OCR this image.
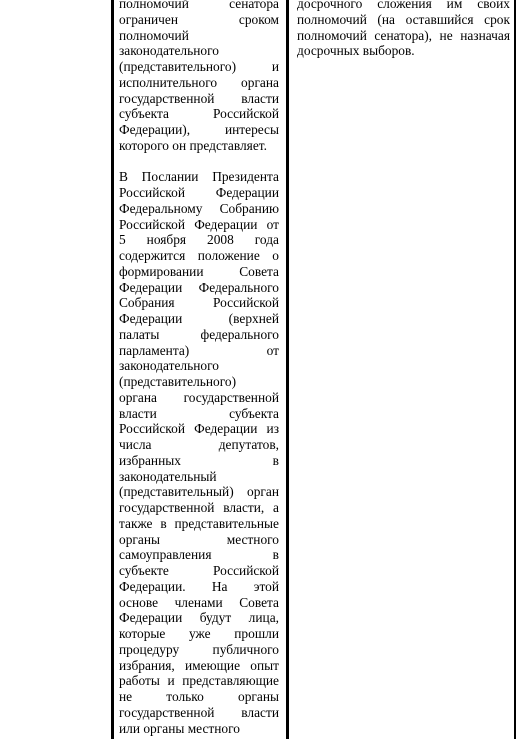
полномочий сенатора
ограничен сроком
полномочий
законодательного
(представительного) и
исполнительного органа
государственной власти
субъекта Российской
Федерации), интересы
которого он представляет.
В Послании Президента
Российской Федерации
Федеральному Собранию
Российской Федерации от
5 ноября 2008 года
содержится положение о
формировании Совета
Федерации Федерального
Собрания Российской
Федерации (верхней
палаты федерального
парламента) от
законодательного
(представительного)
органа государственной
власти субъекта
Российской Федерации из
числа депутатов,
избранных в
законодательный
(представительный) орган
государственной власти, а
также в представительные
органы местного
самоуправления в
субъекте Российской
Федерации. На этой
основе членами Совета
Федерации будут лица,
которые уже прошли
процедуру публичного
избрания, имеющие опыт
работы и представляющие
не только органы
государственной власти
или органы местного
досрочного сложения им своих
полномочий (на оставшийся срок
полномочий сенатора), не назначая
досрочных выборов.
